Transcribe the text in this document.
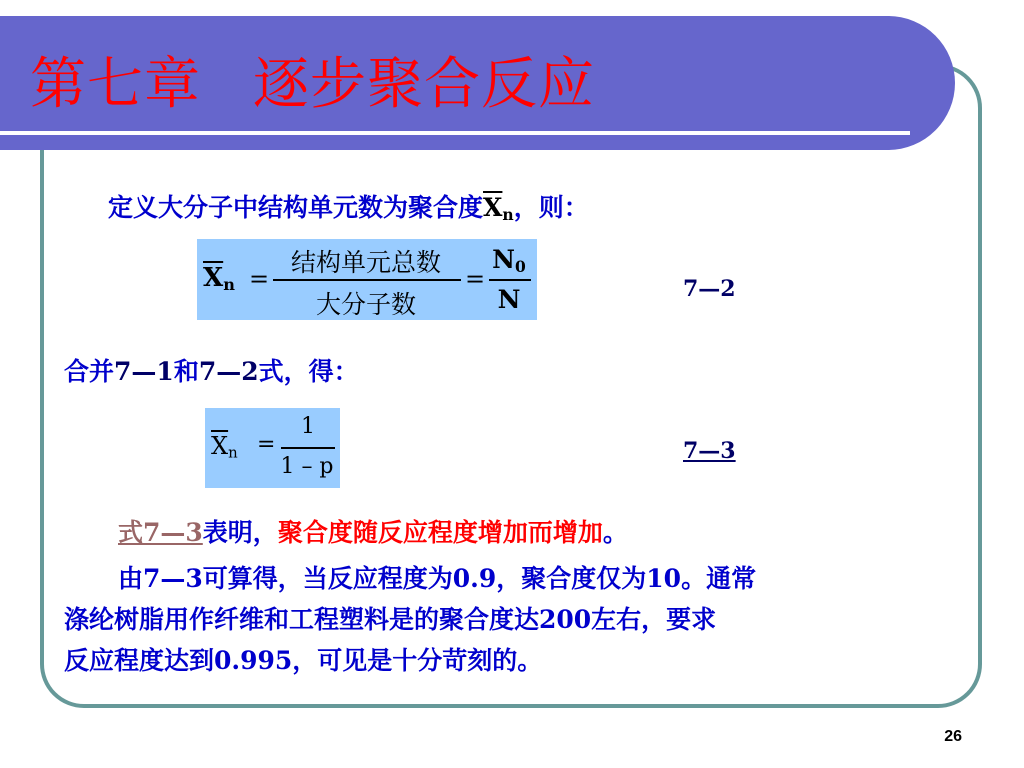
第七章 逐步聚合反应
定义大分子中结构单元数为聚合度$\overline{X}_n$，则：
$\overline{X}_n$ =
结构单元总数
大分子数
=
$N_0$
N	7—2
合并7—1和7—2式，得：
$\overline{X}_n$ =
1
1 – p
7—3
式7—3表明，聚合度随反应程度增加而增加。
由7—3可算得，当反应程度为0.9，聚合度仅为10。通常
涤纶树脂用作纤维和工程塑料是的聚合度达200左右，要求
反应程度达到0.995，可见是十分苛刻的。
26
